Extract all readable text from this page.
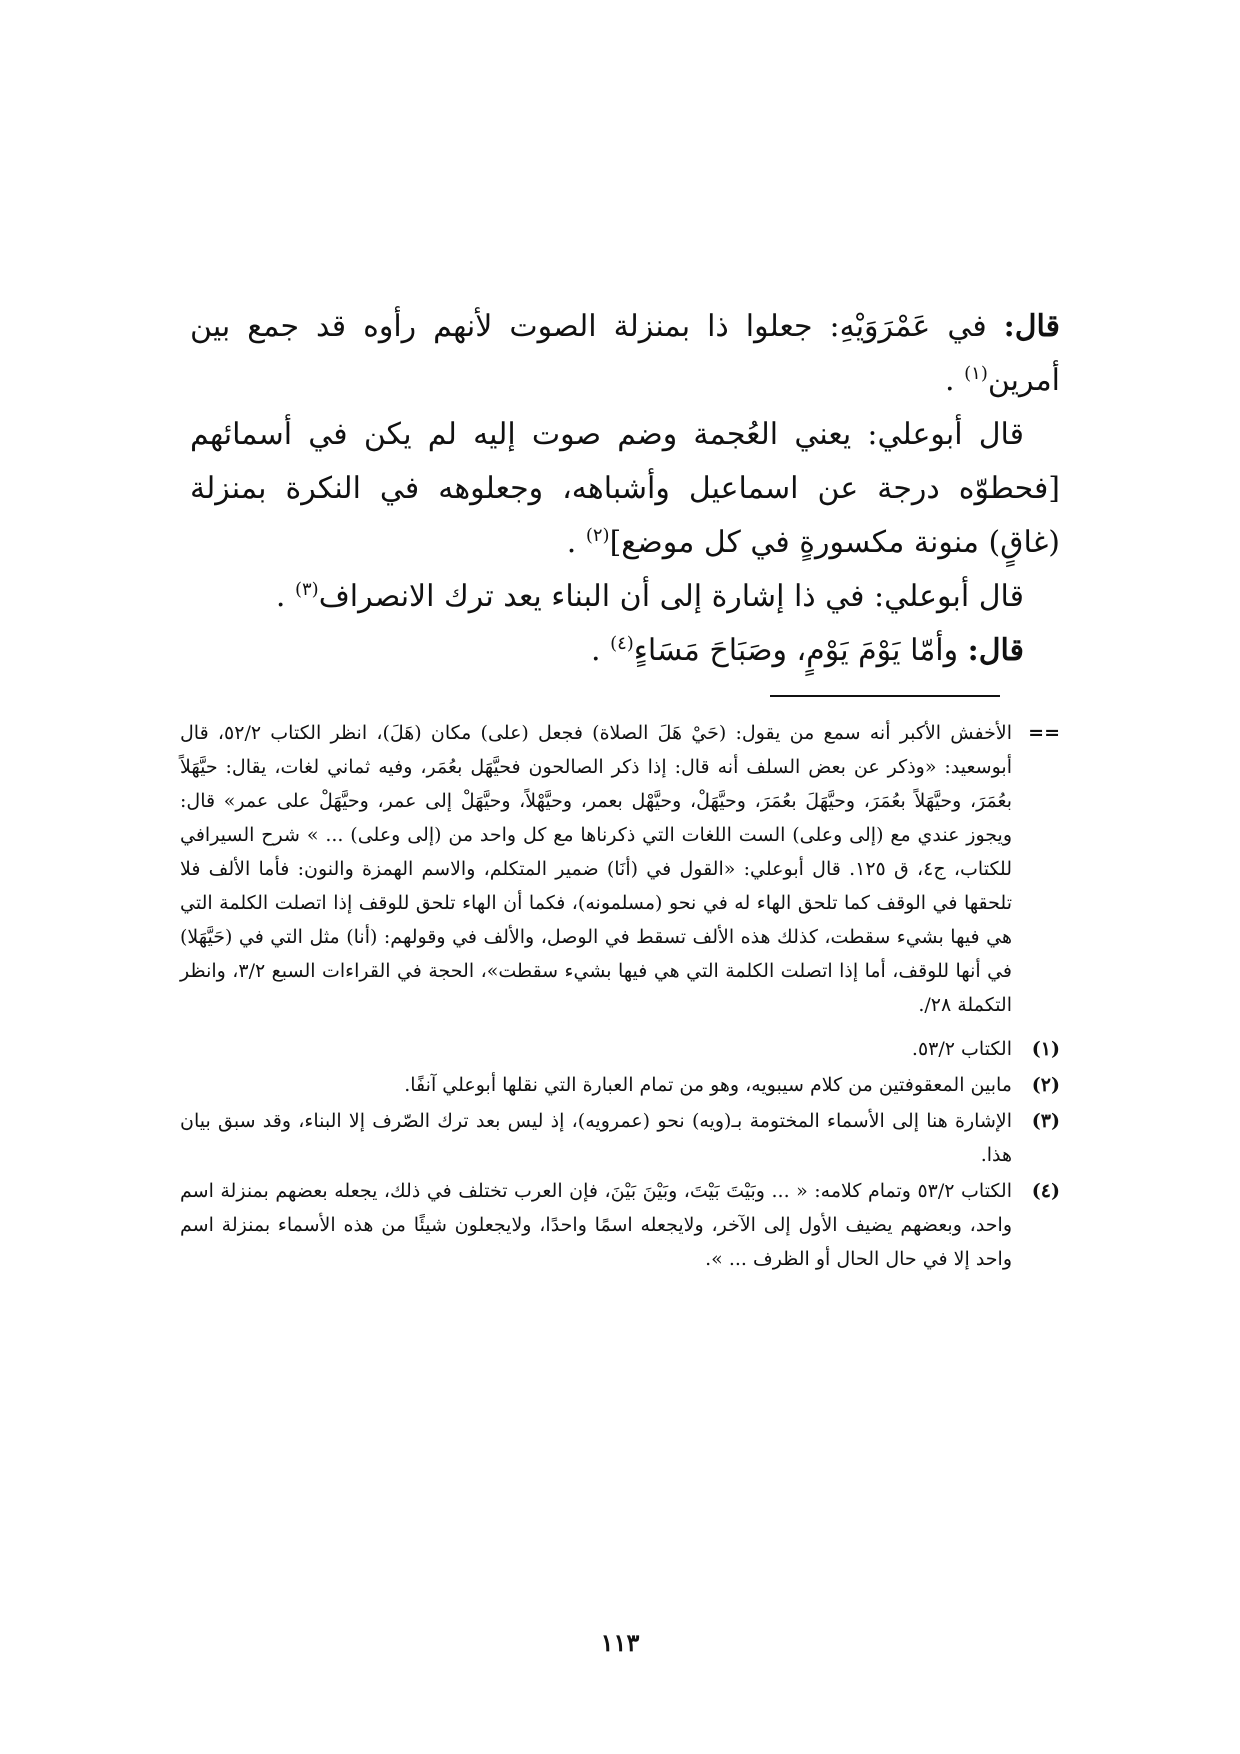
قال: في عَمْرَوَيْهِ: جعلوا ذا بمنزلة الصوت لأنهم رأوه قد جمع بين أمرين$^{(١)}$ .

قال أبوعلي: يعني العُجمة وضم صوت إليه لم يكن في أسمائهم [فحطوّه درجة عن اسماعيل وأشباهه، وجعلوهه في النكرة بمنزلة (غاقٍ) منونة مكسورةٍ في كل موضع]$^{(٢)}$ .

قال أبوعلي: في ذا إشارة إلى أن البناء يعد ترك الانصراف$^{(٣)}$ .

قال: وأمّا يَوْمَ يَوْمٍ، وصَبَاحَ مَسَاءٍ$^{(٤)}$ .

==
الأخفش الأكبر أنه سمع من يقول: (حَيْ هَلَ الصلاة) فجعل (على) مكان (هَلَ)، انظر الكتاب ٥٢/٢، قال أبوسعيد: «وذكر عن بعض السلف أنه قال: إذا ذكر الصالحون فحيَّهَل بعُمَر، وفيه ثماني لغات، يقال: حيَّهَلاً بعُمَرَ، وحيَّهَلاً بعُمَرَ، وحيَّهَلَ بعُمَرَ، وحيَّهَلْ، وحيَّهْل بعمر، وحيَّهْلاً، وحيَّهَلْ إلى عمر، وحيَّهَلْ على عمر» قال: ويجوز عندي مع (إلى وعلى) الست اللغات التي ذكرناها مع كل واحد من (إلى وعلى) ... » شرح السيرافي للكتاب، ج٤، ق ١٢٥. قال أبوعلي: «القول في (أنَا) ضمير المتكلم، والاسم الهمزة والنون: فأما الألف فلا تلحقها في الوقف كما تلحق الهاء له في نحو (مسلمونه)، فكما أن الهاء تلحق للوقف إذا اتصلت الكلمة التي هي فيها بشيء سقطت، كذلك هذه الألف تسقط في الوصل، والألف في وقولهم: (أنا) مثل التي في (حَيَّهَلا) في أنها للوقف، أما إذا اتصلت الكلمة التي هي فيها بشيء سقطت»، الحجة في القراءات السبع ٣/٢، وانظر التكملة ٢٨/.
(١)
الكتاب ٥٣/٢.
(٢)
مابين المعقوفتين من كلام سيبويه، وهو من تمام العبارة التي نقلها أبوعلي آنفًا.
(٣)
الإشارة هنا إلى الأسماء المختومة بـ(ويه) نحو (عمرويه)، إذ ليس بعد ترك الصّرف إلا البناء، وقد سبق بيان هذا.
(٤)
الكتاب ٥٣/٢ وتمام كلامه: « ... وبَيْتَ بَيْتَ، وبَيْنَ بَيْنَ، فإن العرب تختلف في ذلك، يجعله بعضهم بمنزلة اسم واحد، وبعضهم يضيف الأول إلى الآخر، ولايجعله اسمًا واحدًا، ولايجعلون شيئًا من هذه الأسماء بمنزلة اسم واحد إلا في حال الحال أو الظرف ... ».
١١٣
